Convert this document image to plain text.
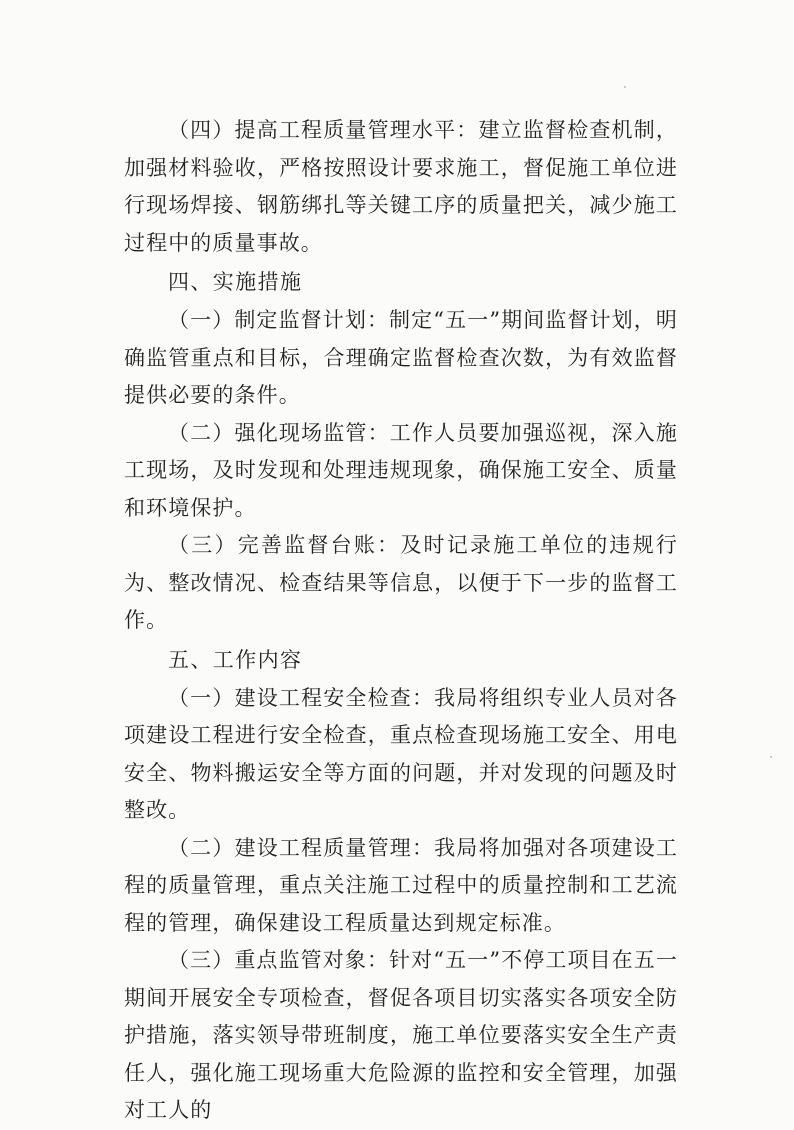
（四）提高工程质量管理水平：建立监督检查机制，加强材料验收，严格按照设计要求施工，督促施工单位进行现场焊接、钢筋绑扎等关键工序的质量把关，减少施工过程中的质量事故。

四、实施措施

（一）制定监督计划：制定“五一”期间监督计划，明确监管重点和目标，合理确定监督检查次数，为有效监督提供必要的条件。

（二）强化现场监管：工作人员要加强巡视，深入施工现场，及时发现和处理违规现象，确保施工安全、质量和环境保护。

（三）完善监督台账：及时记录施工单位的违规行为、整改情况、检查结果等信息，以便于下一步的监督工作。

五、工作内容

（一）建设工程安全检查：我局将组织专业人员对各项建设工程进行安全检查，重点检查现场施工安全、用电安全、物料搬运安全等方面的问题，并对发现的问题及时整改。

（二）建设工程质量管理：我局将加强对各项建设工程的质量管理，重点关注施工过程中的质量控制和工艺流程的管理，确保建设工程质量达到规定标准。

（三）重点监管对象：针对“五一”不停工项目在五一期间开展安全专项检查，督促各项目切实落实各项安全防护措施，落实领导带班制度，施工单位要落实安全生产责任人，强化施工现场重大危险源的监控和安全管理，加强对工人的
